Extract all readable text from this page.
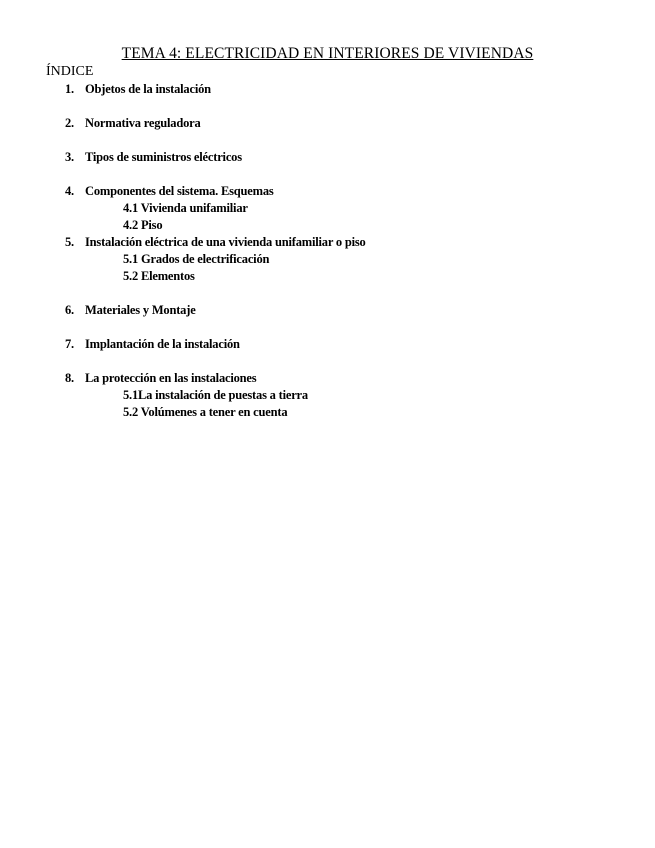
TEMA 4: ELECTRICIDAD EN INTERIORES DE VIVIENDAS
ÍNDICE
1. Objetos de la instalación
2. Normativa reguladora
3. Tipos de suministros eléctricos
4. Componentes del sistema. Esquemas
4.1 Vivienda unifamiliar
4.2 Piso
5. Instalación eléctrica de una vivienda unifamiliar o piso
5.1 Grados de electrificación
5.2 Elementos
6. Materiales y Montaje
7. Implantación de la instalación
8. La protección en las instalaciones
5.1La instalación de puestas a tierra
5.2 Volúmenes a tener en cuenta
